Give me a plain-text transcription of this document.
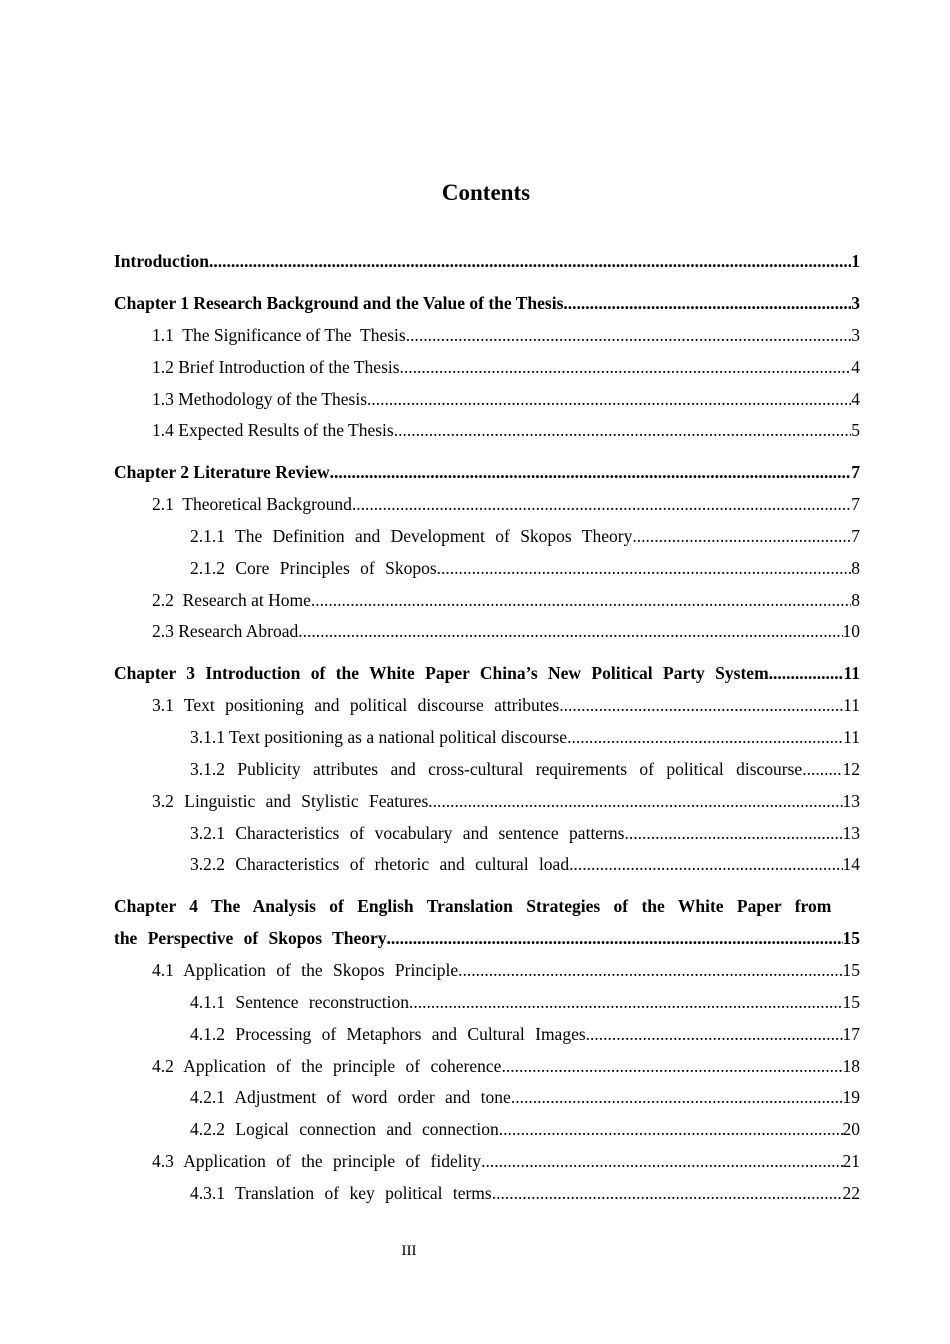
Contents
Introduction .....	1
Chapter 1 Research Background and the Value of the Thesis .....	3
1.1  The Significance of The  Thesis .....	3
1.2 Brief Introduction of the Thesis .....	4
1.3 Methodology of the Thesis .....	4
1.4 Expected Results of the Thesis .....	5
Chapter 2 Literature Review .....	7
2.1  Theoretical Background .....	7
2.1.1 The Definition and Development of Skopos Theory .....	7
2.1.2 Core Principles of Skopos .....	8
2.2  Research at Home .....	8
2.3 Research Abroad .....	10
Chapter 3 Introduction of the White Paper China’s New Political Party System .....	11
3.1 Text positioning and political discourse attributes .....	11
3.1.1 Text positioning as a national political discourse .....	11
3.1.2 Publicity attributes and cross-cultural requirements of political discourse. ..... 12
3.2 Linguistic and Stylistic Features .....	13
3.2.1 Characteristics of vocabulary and sentence patterns .....	13
3.2.2 Characteristics of rhetoric and cultural load .....	14
Chapter 4 The Analysis of English Translation Strategies of the White Paper from
the Perspective of Skopos Theory .....	15
4.1 Application of the Skopos Principle .....	15
4.1.1 Sentence reconstruction .....	15
4.1.2 Processing of Metaphors and Cultural Images .....	17
4.2 Application of the principle of coherence .....	18
4.2.1 Adjustment of word order and tone .....	19
4.2.2 Logical connection and connection .....	20
4.3 Application of the principle of fidelity .....	21
4.3.1 Translation of key political terms .....	22
III
